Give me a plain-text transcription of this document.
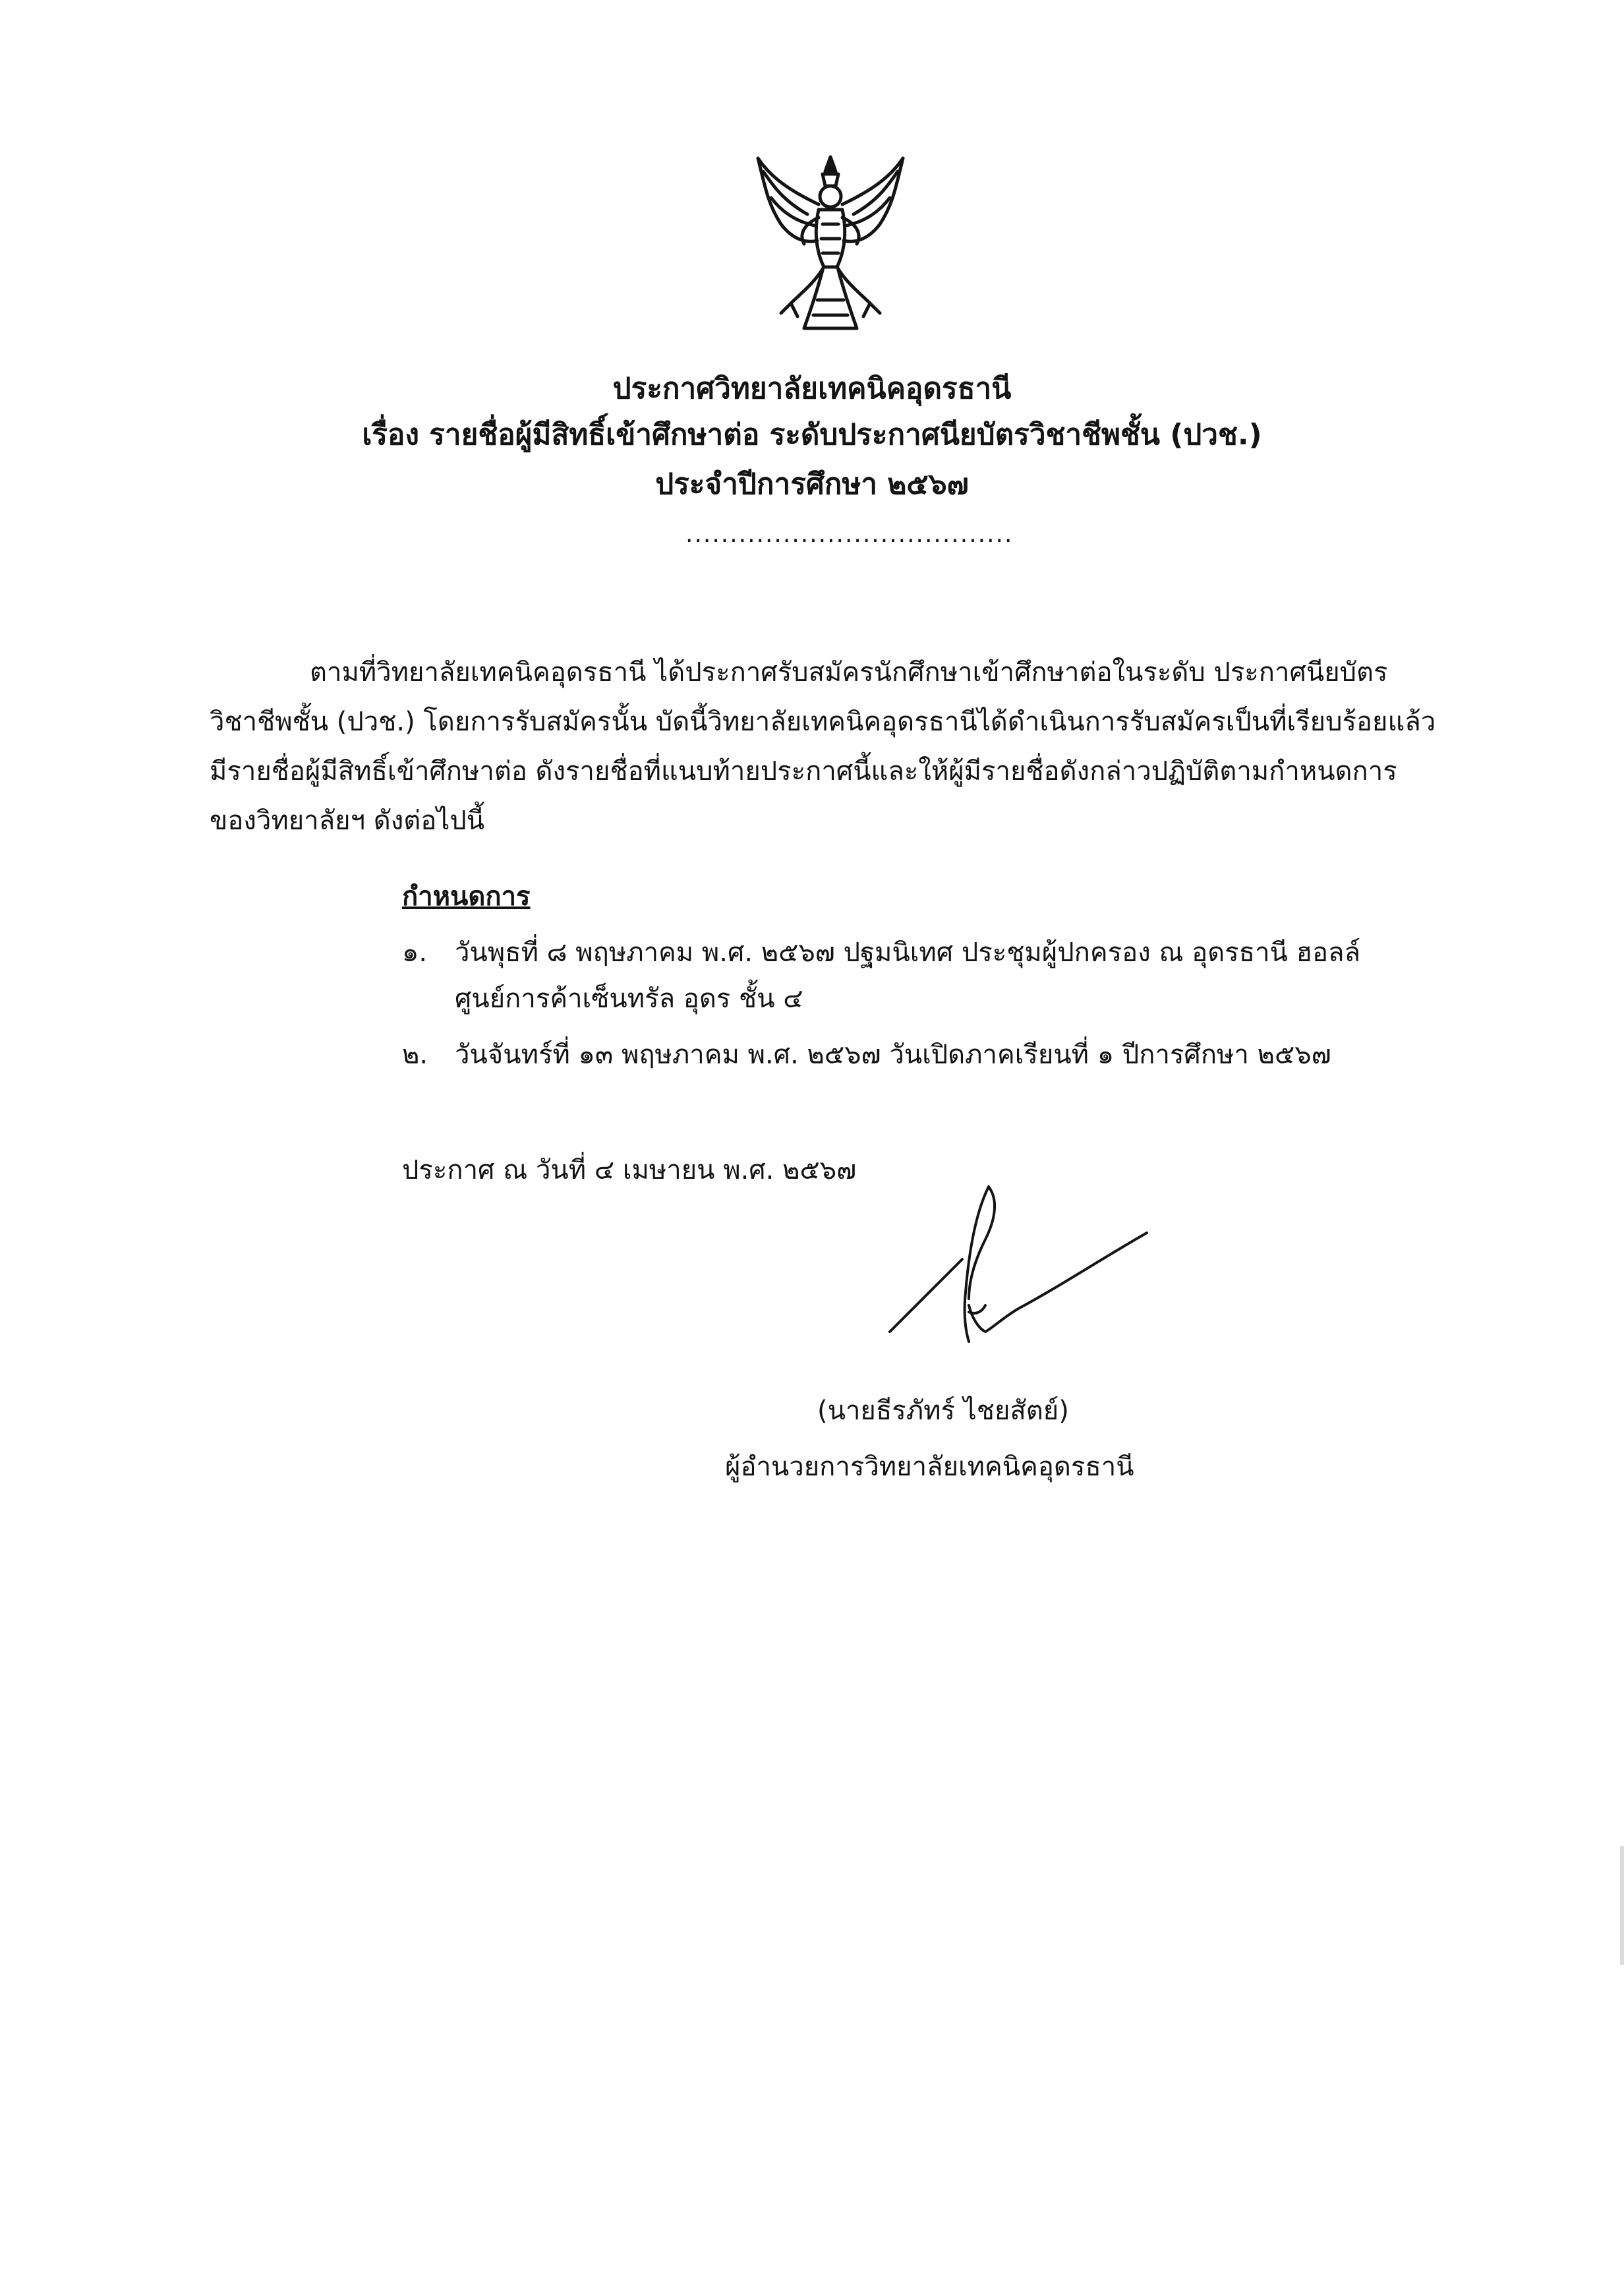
ประกาศวิทยาลัยเทคนิคอุดรธานี
เรื่อง รายชื่อผู้มีสิทธิ์เข้าศึกษาต่อ ระดับประกาศนียบัตรวิชาชีพชั้น (ปวช.)
ประจำปีการศึกษา ๒๕๖๗
.....................................
ตามที่วิทยาลัยเทคนิคอุดรธานี ได้ประกาศรับสมัครนักศึกษาเข้าศึกษาต่อในระดับ ประกาศนียบัตร
วิชาชีพชั้น (ปวช.) โดยการรับสมัครนั้น บัดนี้วิทยาลัยเทคนิคอุดรธานีได้ดำเนินการรับสมัครเป็นที่เรียบร้อยแล้ว
มีรายชื่อผู้มีสิทธิ์เข้าศึกษาต่อ ดังรายชื่อที่แนบท้ายประกาศนี้และให้ผู้มีรายชื่อดังกล่าวปฏิบัติตามกำหนดการ
ของวิทยาลัยฯ ดังต่อไปนี้
กำหนดการ
๑. วันพุธที่ ๘ พฤษภาคม พ.ศ. ๒๕๖๗ ปฐมนิเทศ ประชุมผู้ปกครอง ณ อุดรธานี ฮอลล์
ศูนย์การค้าเซ็นทรัล อุดร ชั้น ๔
๒. วันจันทร์ที่ ๑๓ พฤษภาคม พ.ศ. ๒๕๖๗ วันเปิดภาคเรียนที่ ๑ ปีการศึกษา ๒๕๖๗
ประกาศ ณ วันที่ ๔ เมษายน พ.ศ. ๒๕๖๗
(นายธีรภัทร์ ไชยสัตย์)
ผู้อำนวยการวิทยาลัยเทคนิคอุดรธานี
